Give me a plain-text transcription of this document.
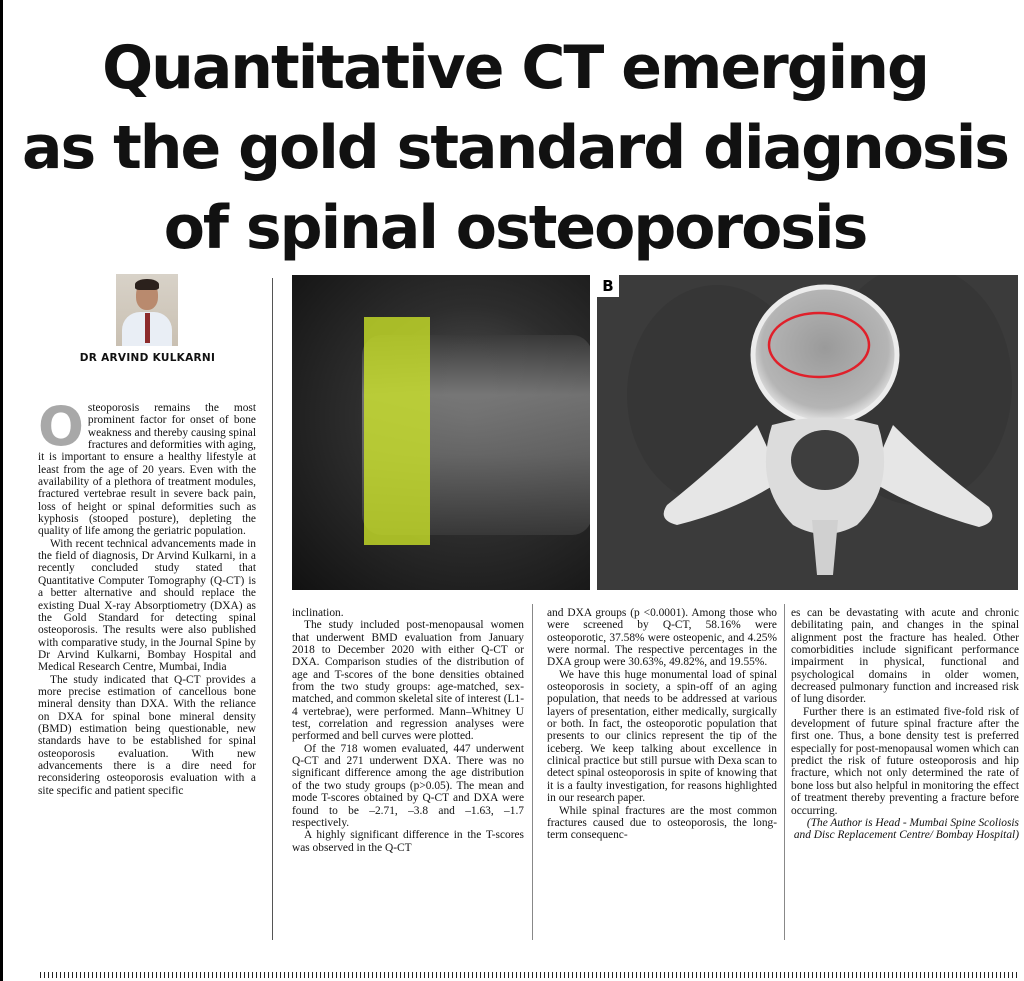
Quantitative CT emerging
as the gold standard diagnosis
of spinal osteoporosis
DR ARVIND KULKARNI
B

Osteoporosis remains the most prominent factor for onset of bone weakness and thereby causing spinal fractures and deformities with aging, it is important to ensure a healthy lifestyle at least from the age of 20 years. Even with the availability of a plethora of treatment modules, fractured vertebrae result in severe back pain, loss of height or spinal deformities such as kyphosis (stooped posture), depleting the quality of life among the geriatric population.

With recent technical advancements made in the field of diagnosis, Dr Arvind Kulkarni, in a recently concluded study stated that Quantitative Computer Tomography (Q-CT) is a better alternative and should replace the existing Dual X-ray Absorptiometry (DXA) as the Gold Standard for detecting spinal osteoporosis. The results were also published with comparative study, in the Journal Spine by Dr Arvind Kulkarni, Bombay Hospital and Medical Research Centre, Mumbai, India

The study indicated that Q-CT provides a more precise estimation of cancellous bone mineral density than DXA. With the reliance on DXA for spinal bone mineral density (BMD) estimation being questionable, new standards have to be established for spinal osteoporosis evaluation. With new advancements there is a dire need for reconsidering osteoporosis evaluation with a site specific and patient specific

inclination.

The study included post-menopausal women that underwent BMD evaluation from January 2018 to December 2020 with either Q-CT or DXA. Comparison studies of the distribution of age and T-scores of the bone densities obtained from the two study groups: age-matched, sex-matched, and common skeletal site of interest (L1-4 vertebrae), were performed. Mann–Whitney U test, correlation and regression analyses were performed and bell curves were plotted.

Of the 718 women evaluated, 447 underwent Q-CT and 271 underwent DXA. There was no significant difference among the age distribution of the two study groups (p>0.05). The mean and mode T-scores obtained by Q-CT and DXA were found to be –2.71, –3.8 and –1.63, –1.7 respectively.

A highly significant difference in the T-scores was observed in the Q-CT

and DXA groups (p <0.0001). Among those who were screened by Q-CT, 58.16% were osteoporotic, 37.58% were osteopenic, and 4.25% were normal. The respective percentages in the DXA group were 30.63%, 49.82%, and 19.55%.

We have this huge monumental load of spinal osteoporosis in society, a spin-off of an aging population, that needs to be addressed at various layers of presentation, either medically, surgically or both. In fact, the osteoporotic population that presents to our clinics represent the tip of the iceberg. We keep talking about excellence in clinical practice but still pursue with Dexa scan to detect spinal osteoporosis in spite of knowing that it is a faulty investigation, for reasons highlighted in our research paper.

While spinal fractures are the most common fractures caused due to osteoporosis, the long-term consequenc-

es can be devastating with acute and chronic debilitating pain, and changes in the spinal alignment post the fracture has healed. Other comorbidities include significant performance impairment in physical, functional and psychological domains in older women, decreased pulmonary function and increased risk of lung disorder.

Further there is an estimated five-fold risk of development of future spinal fracture after the first one. Thus, a bone density test is preferred especially for post-menopausal women which can predict the risk of future osteoporosis and hip fracture, which not only determined the rate of bone loss but also helpful in monitoring the effect of treatment thereby preventing a fracture before occurring.

(The Author is Head - Mumbai Spine Scoliosis and Disc Replacement Centre/ Bombay Hospital)
